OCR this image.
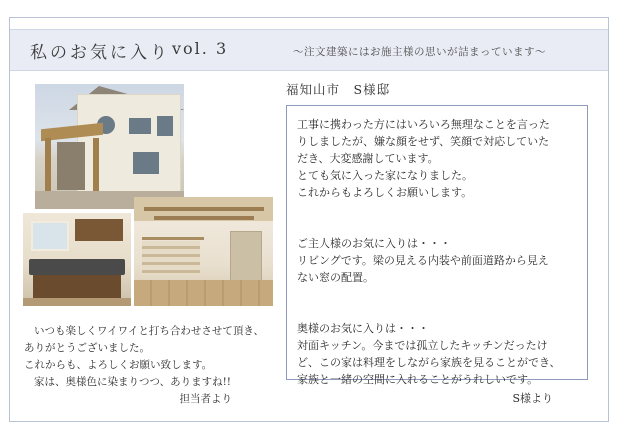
私のお気に入り vol. 3	〜注文建築にはお施主様の思いが詰まっています〜
福知山市　S様邸

工事に携わった方にはいろいろ無理なことを言った

りしましたが、嫌な顔をせず、笑顔で対応していた

だき、大変感謝しています。

とても気に入った家になりました。

これからもよろしくお願いします。

ご主人様のお気に入りは・・・

リビングです。梁の見える内装や前面道路から見え

ない窓の配置。

奥様のお気に入りは・・・

対面キッチン。今までは孤立したキッチンだったけ

ど、この家は料理をしながら家族を見ることができ、

家族と一緒の空間に入れることがうれしいです。

S様より

いつも楽しくワイワイと打ち合わせさせて頂き、

ありがとうございました。

これからも、よろしくお願い致します。

家は、奥様色に染まりつつ、ありますね!!

担当者より
